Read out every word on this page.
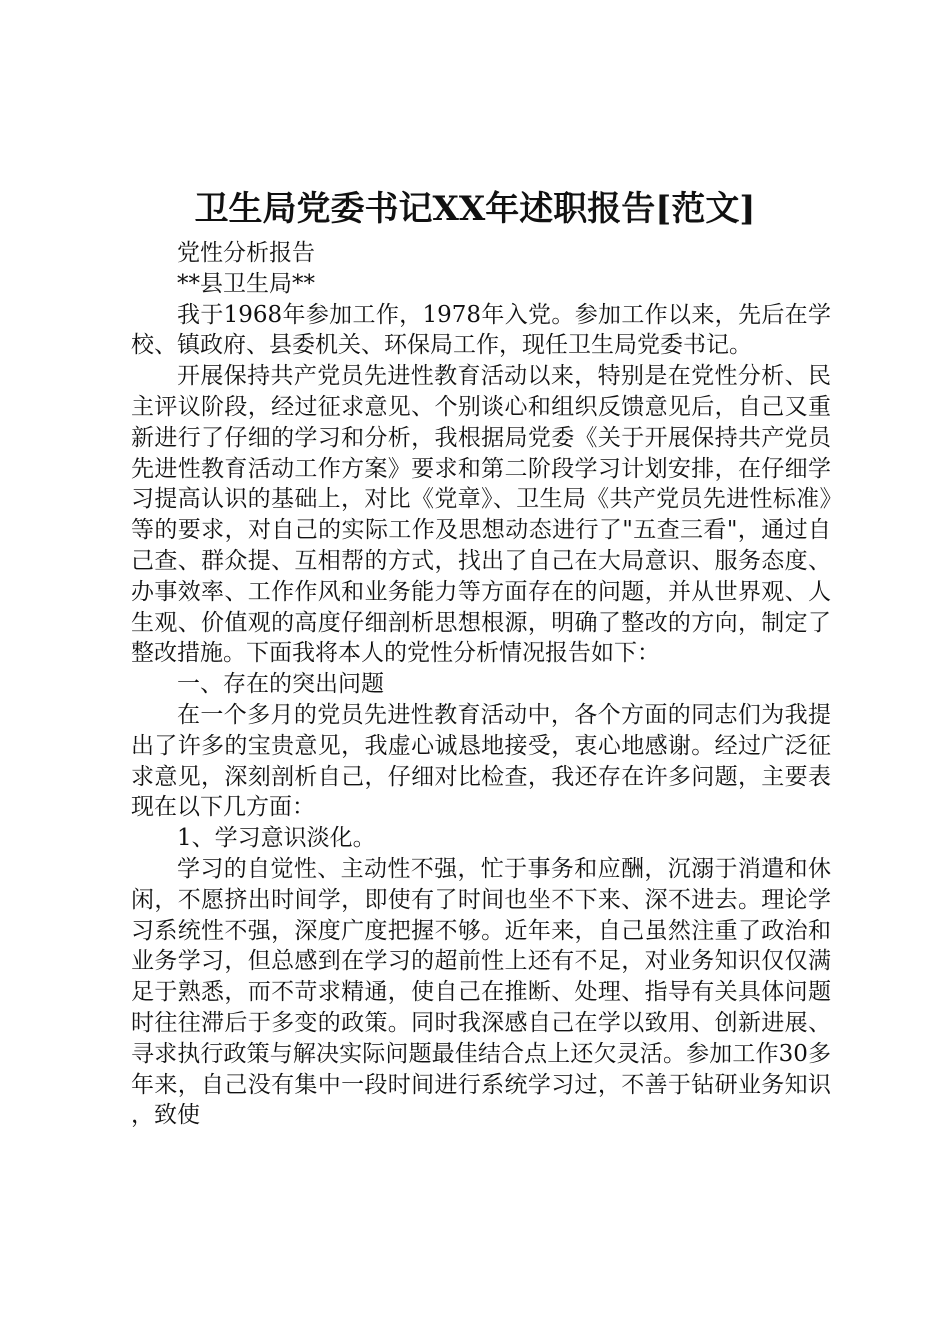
卫生局党委书记XX年述职报告[范文]

党性分析报告

**县卫生局**

我于1968年参加工作，1978年入党。参加工作以来，先后在学校、镇政府、县委机关、环保局工作，现任卫生局党委书记。

开展保持共产党员先进性教育活动以来，特别是在党性分析、民主评议阶段，经过征求意见、个别谈心和组织反馈意见后，自己又重新进行了仔细的学习和分析，我根据局党委《关于开展保持共产党员先进性教育活动工作方案》要求和第二阶段学习计划安排，在仔细学习提高认识的基础上，对比《党章》、卫生局《共产党员先进性标准》等的要求，对自己的实际工作及思想动态进行了"五查三看"，通过自己查、群众提、互相帮的方式，找出了自己在大局意识、服务态度、办事效率、工作作风和业务能力等方面存在的问题，并从世界观、人生观、价值观的高度仔细剖析思想根源，明确了整改的方向，制定了整改措施。下面我将本人的党性分析情况报告如下：

一、存在的突出问题

在一个多月的党员先进性教育活动中，各个方面的同志们为我提出了许多的宝贵意见，我虚心诚恳地接受，衷心地感谢。经过广泛征求意见，深刻剖析自己，仔细对比检查，我还存在许多问题，主要表现在以下几方面：

1、学习意识淡化。

学习的自觉性、主动性不强，忙于事务和应酬，沉溺于消遣和休闲，不愿挤出时间学，即使有了时间也坐不下来、深不进去。理论学习系统性不强，深度广度把握不够。近年来，自己虽然注重了政治和业务学习，但总感到在学习的超前性上还有不足，对业务知识仅仅满足于熟悉，而不苛求精通，使自己在推断、处理、指导有关具体问题时往往滞后于多变的政策。同时我深感自己在学以致用、创新进展、寻求执行政策与解决实际问题最佳结合点上还欠灵活。参加工作30多年来，自己没有集中一段时间进行系统学习过，不善于钻研业务知识，致使
